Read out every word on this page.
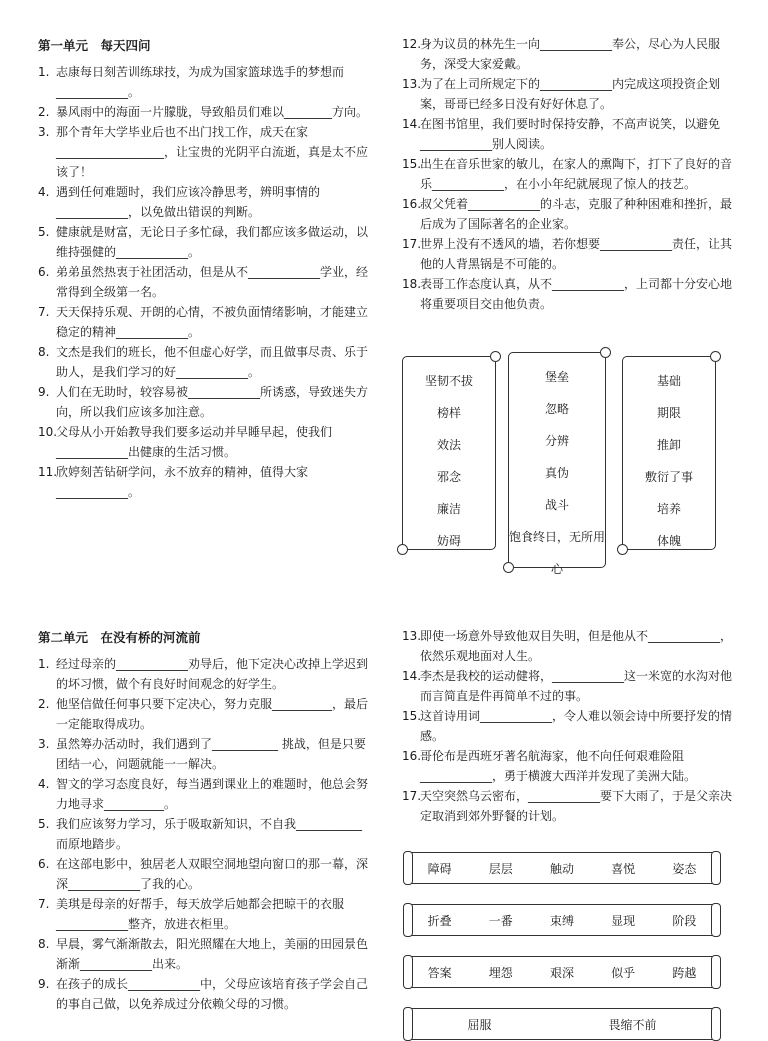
第一单元　每天四问
1. 志康每日刻苦训练球技，为成为国家篮球选手的梦想而____________。
2. 暴风雨中的海面一片朦胧，导致船员们难以________方向。
3. 那个青年大学毕业后也不出门找工作，成天在家__________________，让宝贵的光阴平白流逝，真是太不应该了！
4. 遇到任何难题时，我们应该冷静思考，辨明事情的____________，以免做出错误的判断。
5. 健康就是财富，无论日子多忙碌，我们都应该多做运动，以维持强健的____________。
6. 弟弟虽然热衷于社团活动，但是从不____________学业，经常得到全级第一名。
7. 天天保持乐观、开朗的心情，不被负面情绪影响，才能建立稳定的精神____________。
8. 文杰是我们的班长，他不但虚心好学，而且做事尽责、乐于助人，是我们学习的好____________。
9. 人们在无助时，较容易被____________所诱惑，导致迷失方向，所以我们应该多加注意。
10.
父母从小开始教导我们要多运动并早睡早起，使我们____________出健康的生活习惯。
11.
欣婷刻苦钻研学问，永不放弃的精神，值得大家____________。
12.
身为议员的林先生一向____________奉公，尽心为人民服务，深受大家爱戴。
13.
为了在上司所规定下的____________内完成这项投资企划案，哥哥已经多日没有好好休息了。
14.
在图书馆里，我们要时时保持安静，不高声说笑，以避免____________别人阅读。
15.
出生在音乐世家的敏儿，在家人的熏陶下，打下了良好的音乐____________，在小小年纪就展现了惊人的技艺。
16.
叔父凭着____________的斗志，克服了种种困难和挫折，最后成为了国际著名的企业家。
17.
世界上没有不透风的墙，若你想要____________责任，让其他的人背黑锅是不可能的。
18.
表哥工作态度认真，从不____________，上司都十分安心地将重要项目交由他负责。
坚韧不拔
榜样
效法
邪念
廉洁
妨碍
堡垒
忽略
分辨
真伪
战斗
饱食终日，无所用心
基础
期限
推卸
敷衍了事
培养
体魄
第二单元　在没有桥的河流前
1. 经过母亲的____________劝导后，他下定决心改掉上学迟到的坏习惯，做个有良好时间观念的好学生。
2. 他坚信做任何事只要下定决心，努力克服__________，最后一定能取得成功。
3. 虽然筹办活动时，我们遇到了___________ 挑战，但是只要团结一心，问题就能一一解决。
4. 智文的学习态度良好，每当遇到课业上的难题时，他总会努力地寻求__________。
5. 我们应该努力学习，乐于吸取新知识，不自我___________而原地踏步。
6. 在这部电影中，独居老人双眼空洞地望向窗口的那一幕，深深____________了我的心。
7. 美琪是母亲的好帮手，每天放学后她都会把晾干的衣服____________整齐，放进衣柜里。
8. 早晨，雾气渐渐散去，阳光照耀在大地上，美丽的田园景色渐渐____________出来。
9. 在孩子的成长____________中，父母应该培育孩子学会自己的事自己做，以免养成过分依赖父母的习惯。
13.
即使一场意外导致他双目失明，但是他从不____________，依然乐观地面对人生。
14.
李杰是我校的运动健将，____________这一米宽的水沟对他而言简直是件再简单不过的事。
15.
这首诗用词____________，令人难以领会诗中所要抒发的情感。
16.
哥伦布是西班牙著名航海家，他不向任何艰难险阻____________，勇于横渡大西洋并发现了美洲大陆。
17.
天空突然乌云密布，____________要下大雨了，于是父亲决定取消到郊外野餐的计划。
障碍	层层	触动	喜悦	姿态
折叠	一番	束缚	显现	阶段
答案	埋怨	艰深	似乎	跨越
屈服	畏缩不前
